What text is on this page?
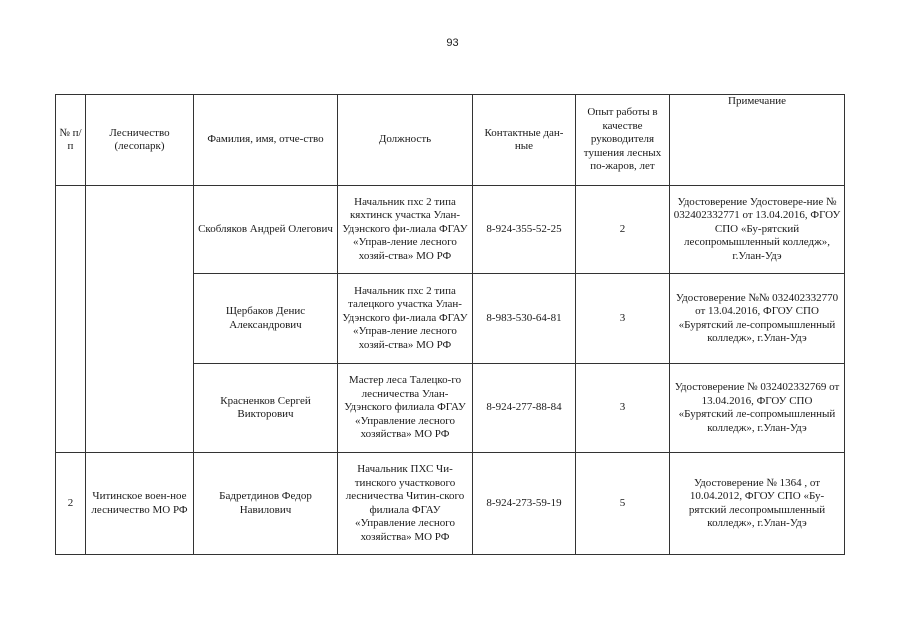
93
№ п/п	Лесничество (лесопарк)	Фамилия, имя, отче-ство	Должность	Контактные дан-ные	Опыт работы в качестве руководителя тушения лесных по-жаров, лет	Примечание
		Скобляков Андрей Олегович	Начальник пхс 2 типа кяхтинск участка Улан-Удэнского фи-лиала ФГАУ «Управ-ление лесного хозяй-ства» МО РФ	8-924-355-52-25	2	Удостоверение Удостовере-ние № 032402332771 от 13.04.2016, ФГОУ СПО «Бу-рятский лесопромышленный колледж», г.Улан-Удэ
		Щербаков Денис Александрович	Начальник пхс 2 типа талецкого участка Улан-Удэнского фи-лиала ФГАУ «Управ-ление лесного хозяй-ства» МО РФ	8-983-530-64-81	3	Удостоверение №№ 032402332770 от 13.04.2016, ФГОУ СПО «Бурятский ле-сопромышленный колледж», г.Улан-Удэ
		Красненков Сергей Викторович	Мастер леса Талецко-го лесничества Улан-Удэнского филиала ФГАУ «Управление лесного хозяйства» МО РФ	8-924-277-88-84	3	Удостоверение № 032402332769 от 13.04.2016, ФГОУ СПО «Бурятский ле-сопромышленный колледж», г.Улан-Удэ
2	Читинское воен-ное лесничество МО РФ	Бадретдинов Федор Навилович	Начальник ПХС Чи-тинского участкового лесничества Читин-ского филиала ФГАУ «Управление лесного хозяйства» МО РФ	8-924-273-59-19	5	Удостоверение № 1364 , от 10.04.2012, ФГОУ СПО «Бу-рятский лесопромышленный колледж», г.Улан-Удэ
